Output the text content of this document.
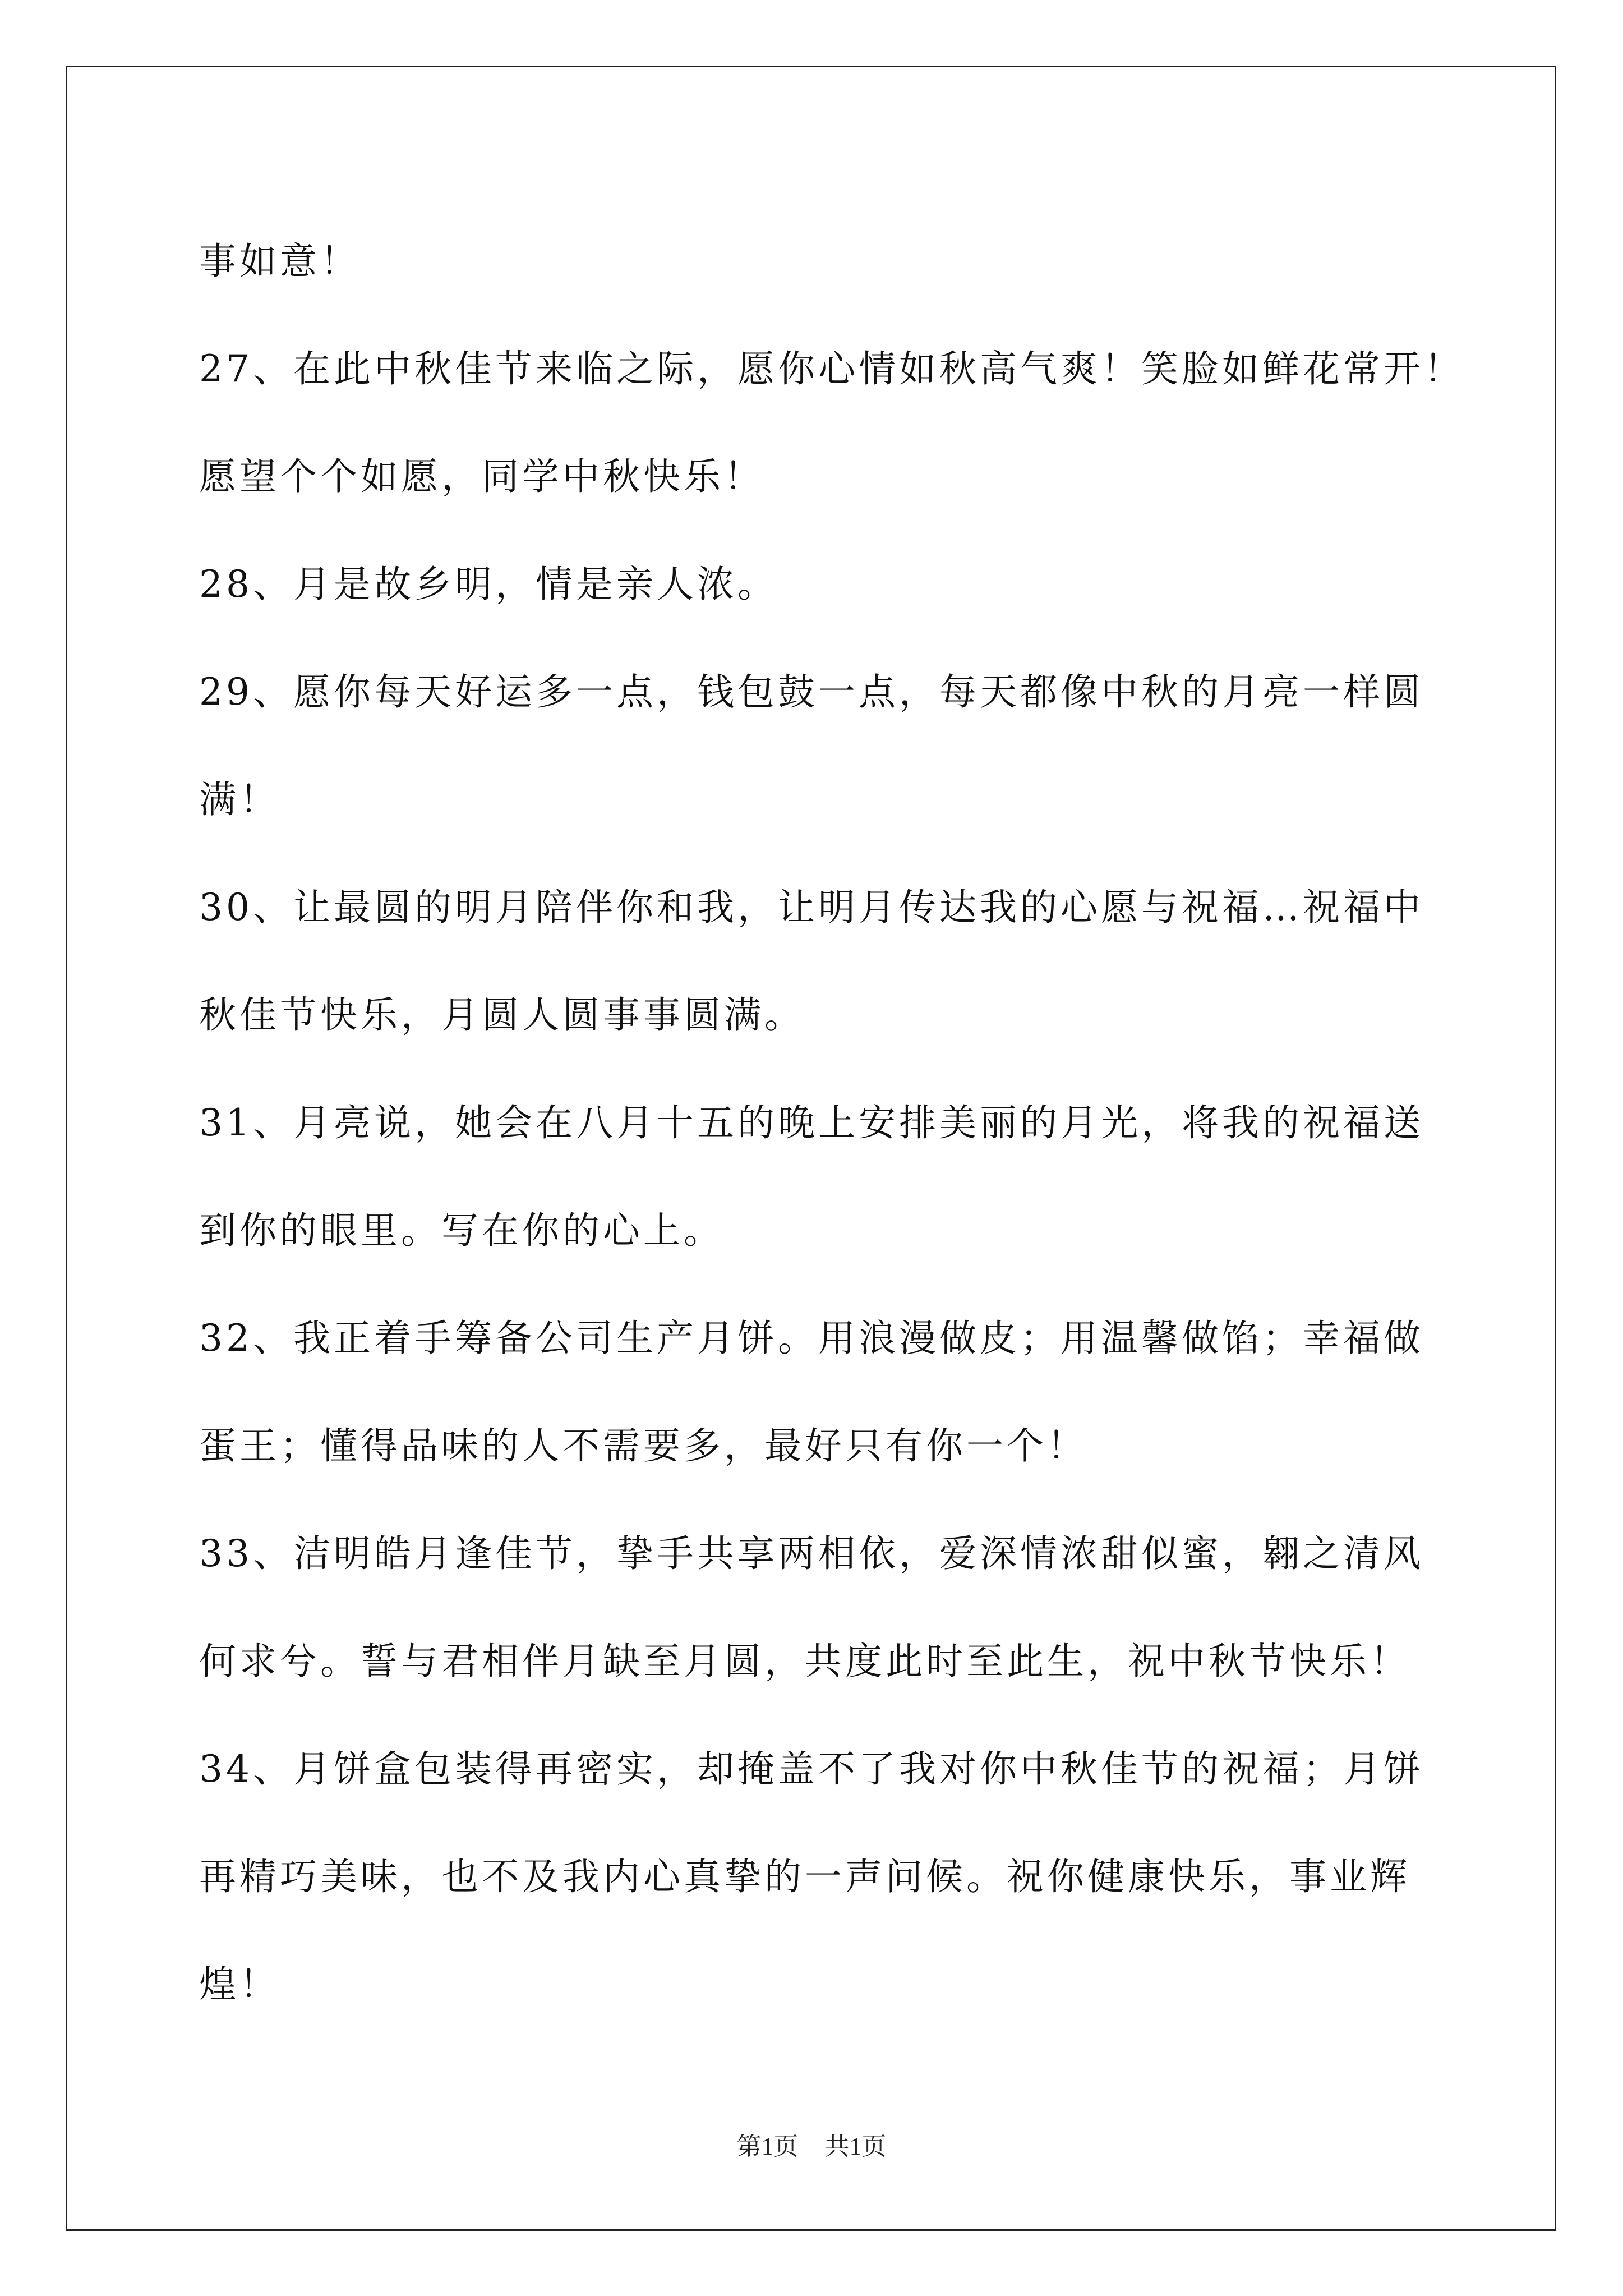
事如意！
27、在此中秋佳节来临之际，愿你心情如秋高气爽！笑脸如鲜花常开！
愿望个个如愿，同学中秋快乐！
28、月是故乡明，情是亲人浓。
29、愿你每天好运多一点，钱包鼓一点，每天都像中秋的月亮一样圆
满！
30、让最圆的明月陪伴你和我，让明月传达我的心愿与祝福…祝福中
秋佳节快乐，月圆人圆事事圆满。
31、月亮说，她会在八月十五的晚上安排美丽的月光，将我的祝福送
到你的眼里。写在你的心上。
32、我正着手筹备公司生产月饼。用浪漫做皮；用温馨做馅；幸福做
蛋王；懂得品味的人不需要多，最好只有你一个！
33、洁明皓月逢佳节，挚手共享两相依，爱深情浓甜似蜜，翱之清风
何求兮。誓与君相伴月缺至月圆，共度此时至此生，祝中秋节快乐！
34、月饼盒包装得再密实，却掩盖不了我对你中秋佳节的祝福；月饼
再精巧美味，也不及我内心真挚的一声问候。祝你健康快乐，事业辉
煌！
第1页 共1页
